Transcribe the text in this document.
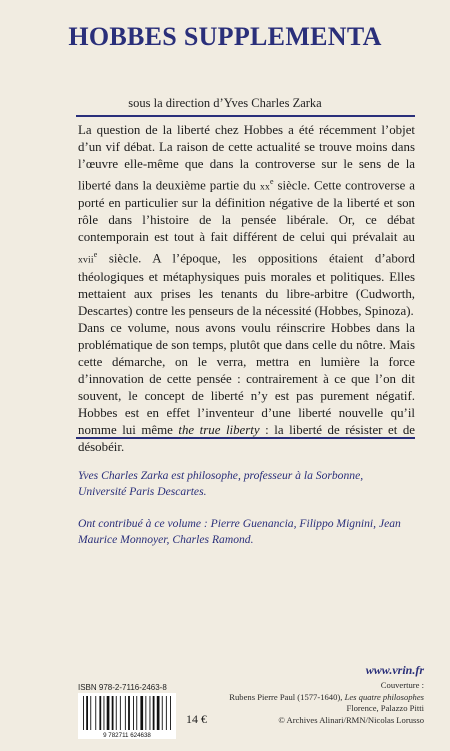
HOBBES SUPPLEMENTA
sous la direction d’Yves Charles Zarka

La question de la liberté chez Hobbes a été récemment l’objet d’un vif débat. La raison de cette actualité se trouve moins dans l’œuvre elle-même que dans la controverse sur le sens de la liberté dans la deuxième partie du $xx^e$ siècle. Cette controverse a porté en particulier sur la définition négative de la liberté et son rôle dans l’histoire de la pensée libérale. Or, ce débat contemporain est tout à fait différent de celui qui prévalait au xvii$^e$ siècle. A l’époque, les oppositions étaient d’abord théologiques et métaphysiques puis morales et politiques. Elles mettaient aux prises les tenants du libre-arbitre (Cudworth, Descartes) contre les penseurs de la nécessité (Hobbes, Spinoza).

Dans ce volume, nous avons voulu réinscrire Hobbes dans la problématique de son temps, plutôt que dans celle du nôtre. Mais cette démarche, on le verra, mettra en lumière la force d’innovation de cette pensée : contrairement à ce que l’on dit souvent, le concept de liberté n’y est pas purement négatif. Hobbes est en effet l’inventeur d’une liberté nouvelle qu’il nomme lui même the true liberty : la liberté de résister et de désobéir.

Yves Charles Zarka est philosophe, professeur à la Sorbonne, Université Paris Descartes.
Ont contribué à ce volume : Pierre Guenancia, Filippo Mignini, Jean Maurice Monnoyer, Charles Ramond.
www.vrin.fr
ISBN 978-2-7116-2463-8
9 782711 624638
14 €
Couverture :
Rubens Pierre Paul (1577-1640), Les quatre philosophes
Florence, Palazzo Pitti
© Archives Alinari/RMN/Nicolas Lorusso
